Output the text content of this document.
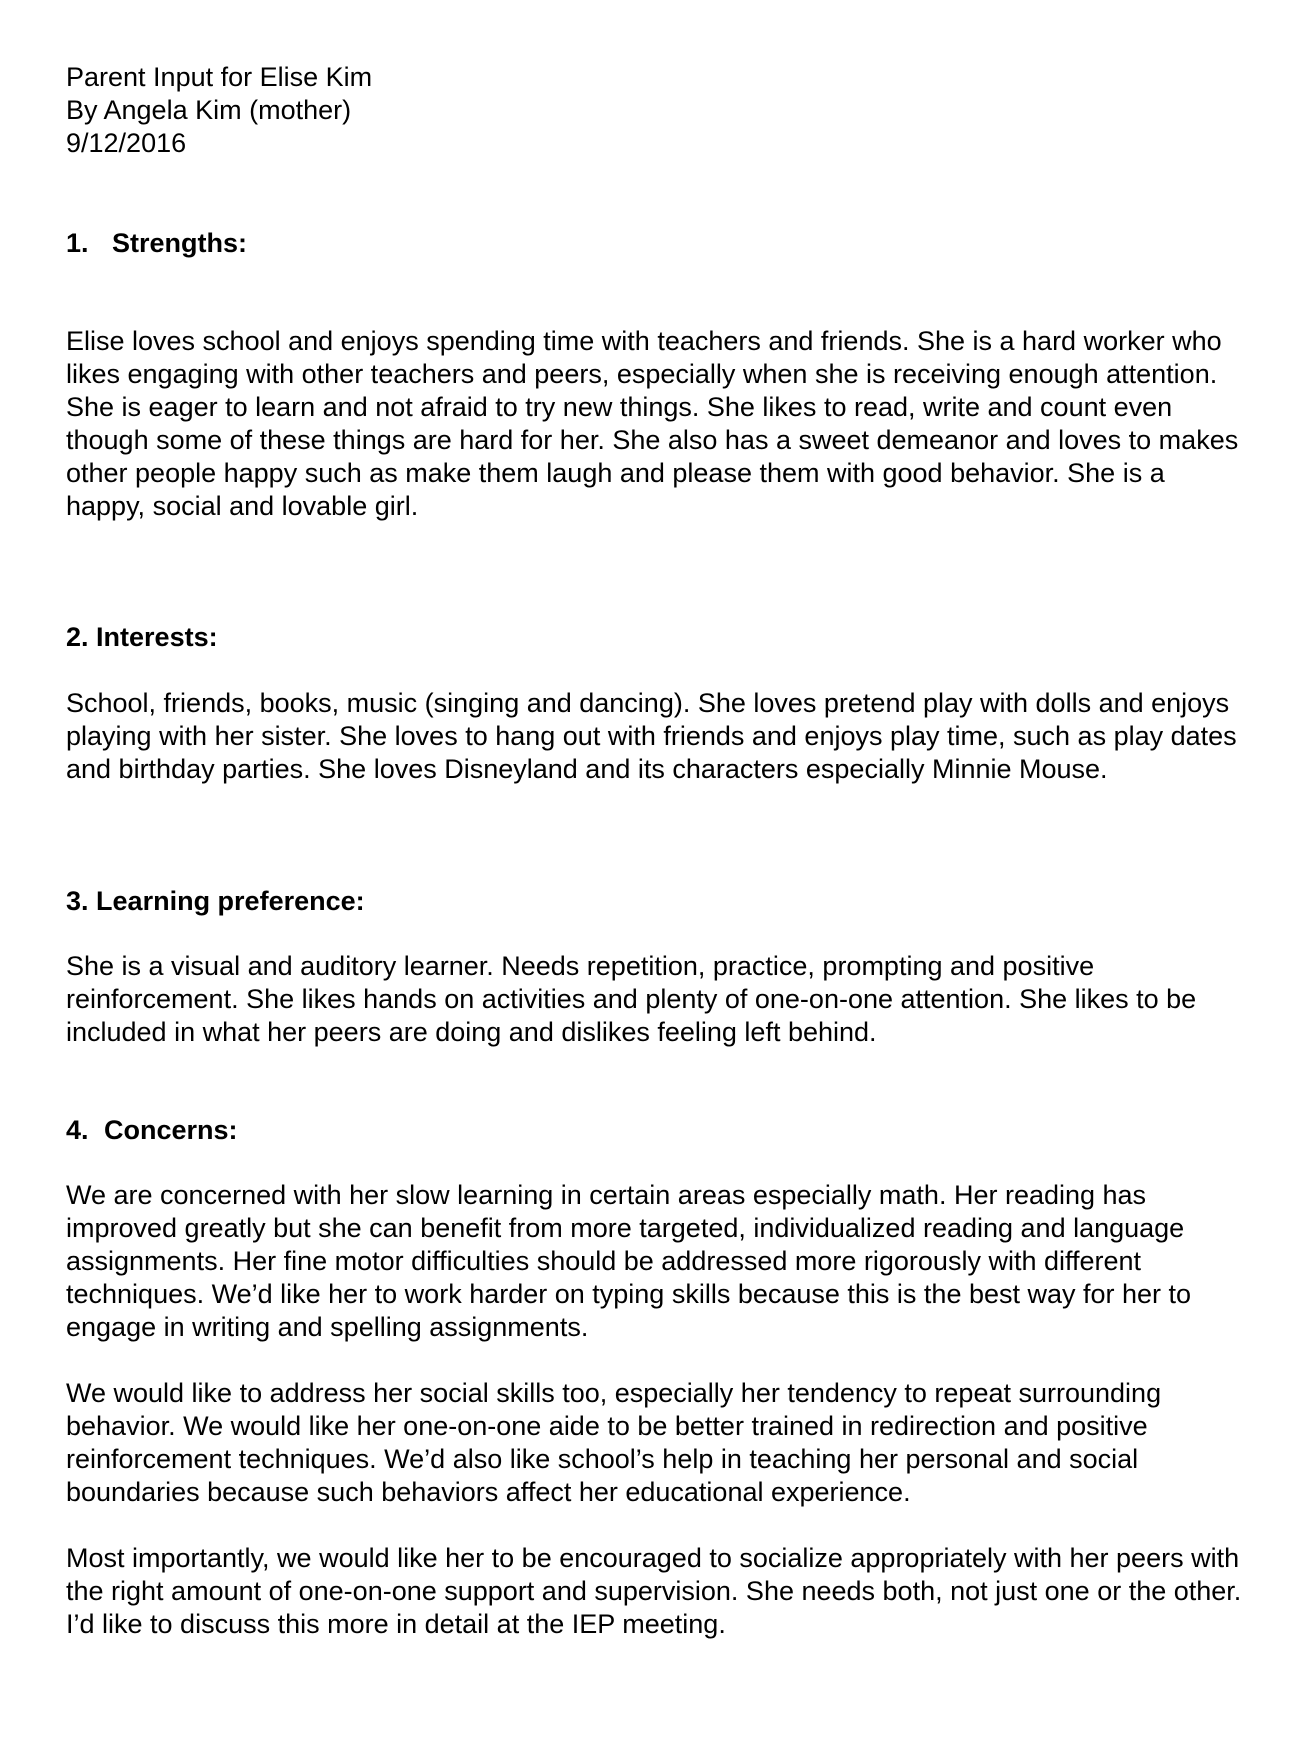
Parent Input for Elise Kim
By Angela Kim (mother)
9/12/2016
1. Strengths:
Elise loves school and enjoys spending time with teachers and friends. She is a hard worker who likes engaging with other teachers and peers, especially when she is receiving enough attention. She is eager to learn and not afraid to try new things. She likes to read, write and count even though some of these things are hard for her. She also has a sweet demeanor and loves to makes other people happy such as make them laugh and please them with good behavior. She is a happy, social and lovable girl.
2. Interests:
School, friends, books, music (singing and dancing). She loves pretend play with dolls and enjoys playing with her sister. She loves to hang out with friends and enjoys play time, such as play dates and birthday parties. She loves Disneyland and its characters especially Minnie Mouse.
3. Learning preference:
She is a visual and auditory learner. Needs repetition, practice, prompting and positive reinforcement. She likes hands on activities and plenty of one-on-one attention. She likes to be included in what her peers are doing and dislikes feeling left behind.
4. Concerns:
We are concerned with her slow learning in certain areas especially math. Her reading has improved greatly but she can benefit from more targeted, individualized reading and language assignments. Her fine motor difficulties should be addressed more rigorously with different techniques. We’d like her to work harder on typing skills because this is the best way for her to engage in writing and spelling assignments.
We would like to address her social skills too, especially her tendency to repeat surrounding behavior. We would like her one-on-one aide to be better trained in redirection and positive reinforcement techniques. We’d also like school’s help in teaching her personal and social boundaries because such behaviors affect her educational experience.
Most importantly, we would like her to be encouraged to socialize appropriately with her peers with the right amount of one-on-one support and supervision. She needs both, not just one or the other. I’d like to discuss this more in detail at the IEP meeting.
